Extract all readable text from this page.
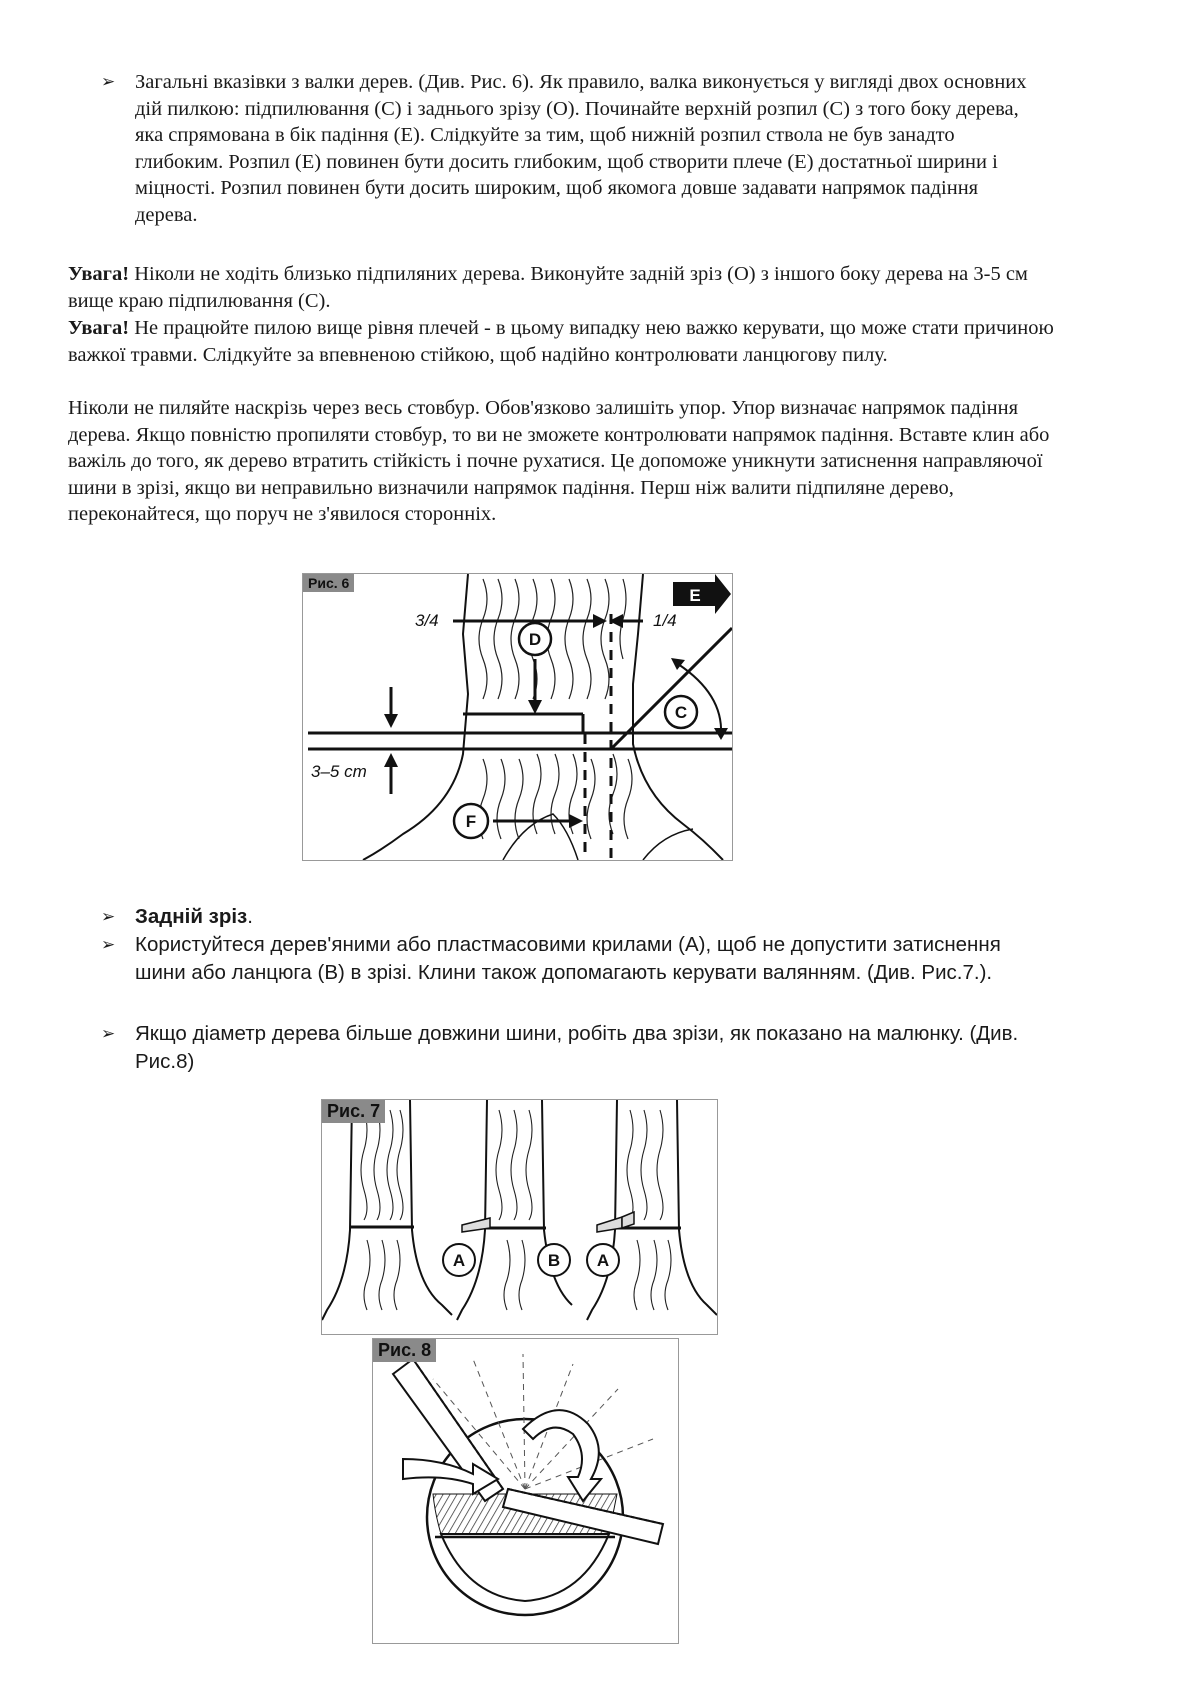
➢ Загальні вказівки з валки дерев. (Див. Рис. 6). Як правило, валка виконується у вигляді двох основних дій пилкою: підпилювання (С) і заднього зрізу (О). Починайте верхній розпил (С) з того боку дерева, яка спрямована в бік падіння (Е). Слідкуйте за тим, щоб нижній розпил ствола не був занадто глибоким. Розпил (Е) повинен бути досить глибоким, щоб створити плече (Е) достатньої ширини і міцності. Розпил повинен бути досить широким, щоб якомога довше задавати напрямок падіння дерева.

Увага! Ніколи не ходіть близько підпиляних дерева. Виконуйте задній зріз (О) з іншого боку дерева на 3-5 см вище краю підпилювання (С).

Увага! Не працюйте пилою вище рівня плечей - в цьому випадку нею важко керувати, що може стати причиною важкої травми. Слідкуйте за впевненою стійкою, щоб надійно контролювати ланцюгову пилу.

Ніколи не пиляйте наскрізь через весь стовбур. Обов'язково залишіть упор. Упор визначає напрямок падіння дерева. Якщо повністю пропиляти стовбур, то ви не зможете контролювати напрямок падіння. Вставте клин або важіль до того, як дерево втратить стійкість і почне рухатися. Це допоможе уникнути затиснення направляючої шини в зрізі, якщо ви неправильно визначили напрямок падіння. Перш ніж валити підпиляне дерево, переконайтеся, що поруч не з'явилося сторонніх.

3/4	1/4
3–5 cm
D
F
C
E
Рис. 6
➢ Задній зріз.
➢ Користуйтеся дерев'яними або пластмасовими крилами (А), щоб не допустити затиснення шини або ланцюга (В) в зрізі. Клини також допомагають керувати валянням. (Див. Рис.7.).
➢ Якщо діаметр дерева більше довжини шини, робіть два зрізи, як показано на малюнку. (Див. Рис.8)
A	B A
Рис. 7
Рис. 8
